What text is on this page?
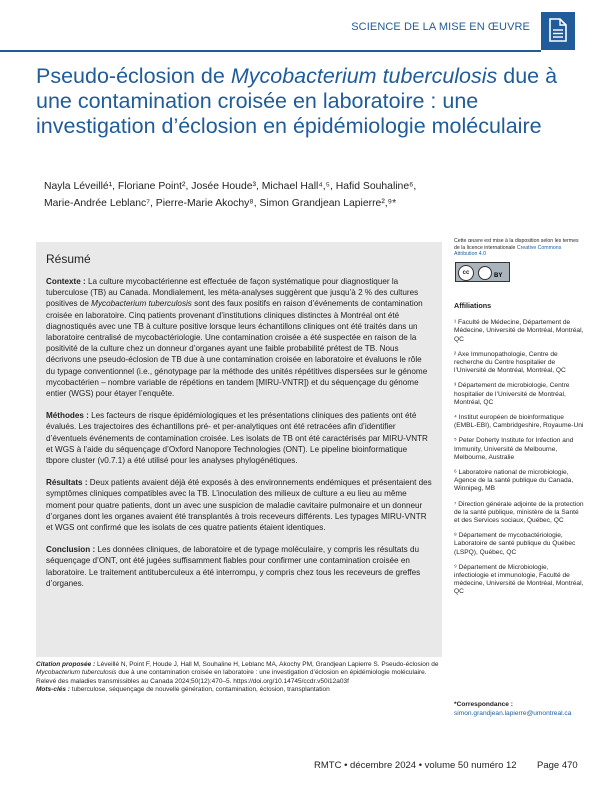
SCIENCE DE LA MISE EN ŒUVRE
Pseudo-éclosion de Mycobacterium tuberculosis due à une contamination croisée en laboratoire : une investigation d’éclosion en épidémiologie moléculaire
Nayla Léveillé¹, Floriane Point², Josée Houde³, Michael Hall⁴,⁵, Hafid Souhaline⁶,
Marie-Andrée Leblanc⁷, Pierre-Marie Akochy⁸, Simon Grandjean Lapierre²,⁹*
Cette œuvre est mise à la disposition selon les termes de la licence internationale Creative Commons Attribution 4.0
cc	BY
Résumé

Contexte : La culture mycobactérienne est effectuée de façon systématique pour diagnostiquer la tuberculose (TB) au Canada. Mondialement, les méta-analyses suggèrent que jusqu’à 2 % des cultures positives de Mycobacterium tuberculosis sont des faux positifs en raison d’événements de contamination croisée en laboratoire. Cinq patients provenant d’institutions cliniques distinctes à Montréal ont été diagnostiqués avec une TB à culture positive lorsque leurs échantillons cliniques ont été traités dans un laboratoire centralisé de mycobactériologie. Une contamination croisée a été suspectée en raison de la positivité de la culture chez un donneur d’organes ayant une faible probabilité prétest de TB. Nous décrivons une pseudo-éclosion de TB due à une contamination croisée en laboratoire et évaluons le rôle du typage conventionnel (i.e., génotypage par la méthode des unités répétitives dispersées sur le génome mycobactérien – nombre variable de répétions en tandem [MIRU-VNTR]) et du séquençage du génome entier (WGS) pour étayer l’enquête.

Méthodes : Les facteurs de risque épidémiologiques et les présentations cliniques des patients ont été évalués. Les trajectoires des échantillons pré- et per-analytiques ont été retracées afin d’identifier d’éventuels événements de contamination croisée. Les isolats de TB ont été caractérisés par MIRU-VNTR et WGS à l’aide du séquençage d’Oxford Nanopore Technologies (ONT). Le pipeline bioinformatique tbpore cluster (v0.7.1) a été utilisé pour les analyses phylogénétiques.

Résultats : Deux patients avaient déjà été exposés à des environnements endémiques et présentaient des symptômes cliniques compatibles avec la TB. L’inoculation des milieux de culture a eu lieu au même moment pour quatre patients, dont un avec une suspicion de maladie cavitaire pulmonaire et un donneur d’organes dont les organes avaient été transplantés à trois receveurs différents. Les typages MIRU-VNTR et WGS ont confirmé que les isolats de ces quatre patients étaient identiques.

Conclusion : Les données cliniques, de laboratoire et de typage moléculaire, y compris les résultats du séquençage d’ONT, ont été jugées suffisamment fiables pour confirmer une contamination croisée en laboratoire. Le traitement antituberculeux a été interrompu, y compris chez tous les receveurs de greffes d’organes.

Citation proposée : Léveillé N, Point F, Houde J, Hall M, Souhaline H, Leblanc MA, Akochy PM, Grandjean Lapierre S. Pseudo-éclosion de Mycobacterium tuberculosis due à une contamination croisée en laboratoire : une investigation d’éclosion en épidémiologie moléculaire. Relevé des maladies transmissibles au Canada 2024;50(12):470–5. https://doi.org/10.14745/ccdr.v50i12a03f

Mots-clés : tuberculose, séquençage de nouvelle génération, contamination, éclosion, transplantation

Affiliations

¹ Faculté de Médecine, Département de Médecine, Université de Montréal, Montréal, QC

² Axe Immunopathologie, Centre de recherche du Centre hospitalier de l’Université de Montréal, Montréal, QC

³ Département de microbiologie, Centre hospitalier de l’Université de Montréal, Montréal, QC

⁴ Institut européen de bioinformatique (EMBL-EBI), Cambridgeshire, Royaume-Uni

⁵ Peter Doherty Institute for Infection and Immunity, Université de Melbourne, Melbourne, Australie

⁶ Laboratoire national de microbiologie, Agence de la santé publique du Canada, Winnipeg, MB

⁷ Direction générale adjointe de la protection de la santé publique, ministère de la Santé et des Services sociaux, Québec, QC

⁸ Département de mycobactériologie, Laboratoire de santé publique du Québec (LSPQ), Québec, QC

⁹ Département de Microbiologie, infectiologie et immunologie, Faculté de médecine, Université de Montréal, Montréal, QC

*Correspondance :
simon.grandjean.lapierre@umontreal.ca
RMTC • décembre 2024 • volume 50 numéro 12 Page 470
